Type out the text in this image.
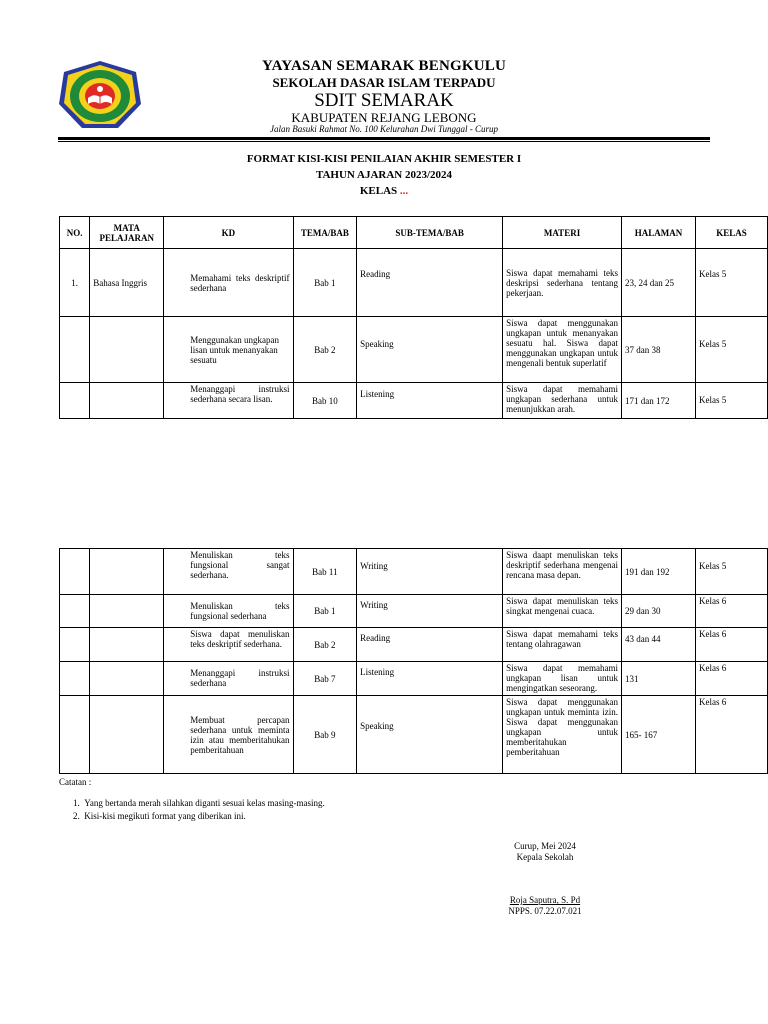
YAYASAN SEMARAK BENGKULU
SEKOLAH DASAR ISLAM TERPADU
SDIT SEMARAK
KABUPATEN REJANG LEBONG
Jalan Basuki Rahmat No. 100 Kelurahan Dwi Tunggal - Curup
FORMAT KISI-KISI PENILAIAN AKHIR SEMESTER I
TAHUN AJARAN 2023/2024
KELAS ...
NO.	MATA PELAJARAN	KD	TEMA/BAB	SUB-TEMA/BAB	MATERI	HALAMAN	KELAS
1.	Bahasa Inggris	Memahami teks deskriptif sederhana	Bab 1	Reading	Siswa dapat memahami teks deskripsi sederhana tentang pekerjaan.	23, 24 dan 25	Kelas 5
		Menggunakan ungkapan lisan untuk menanyakan sesuatu	Bab 2	Speaking	Siswa dapat menggunakan ungkapan untuk menanyakan sesuatu hal. Siswa dapat menggunakan ungkapan untuk mengenali bentuk superlatif	37 dan 38	Kelas 5
		Menanggapi instruksi sederhana secara lisan.	Bab 10	Listening	Siswa dapat memahami ungkapan sederhana untuk menunjukkan arah.	171 dan 172	Kelas 5
		Menuliskan teks fungsional sangat sederhana.	Bab 11	Writing	Siswa daapt menuliskan teks deskriptif sederhana mengenai rencana masa depan.	191 dan 192	Kelas 5
		Menuliskan teks fungsional sederhana	Bab 1	Writing	Siswa dapat menuliskan teks singkat mengenai cuaca.	29 dan 30	Kelas 6
		Siswa dapat menuliskan teks deskriptif sederhana.	Bab 2	Reading	Siswa dapat memahami teks tentang olahragawan	43 dan 44	Kelas 6
		Menanggapi instruksi sederhana	Bab 7	Listening	Siswa dapat memahami ungkapan lisan untuk mengingatkan seseorang.	131	Kelas 6
		Membuat percapan sederhana untuk meminta izin atau memberitahukan pemberitahuan	Bab 9	Speaking	Siswa dapat menggunakan ungkapan untuk meminta izin. Siswa dapat menggunakan ungkapan untuk memberitahukan pemberitahuan	165- 167	Kelas 6
Catatan :
1.  Yang bertanda merah silahkan diganti sesuai kelas masing-masing.
2.  Kisi-kisi megikuti format yang diberikan ini.
Curup, Mei 2024
Kepala Sekolah
Roja Saputra, S. Pd
NPPS. 07.22.07.021
